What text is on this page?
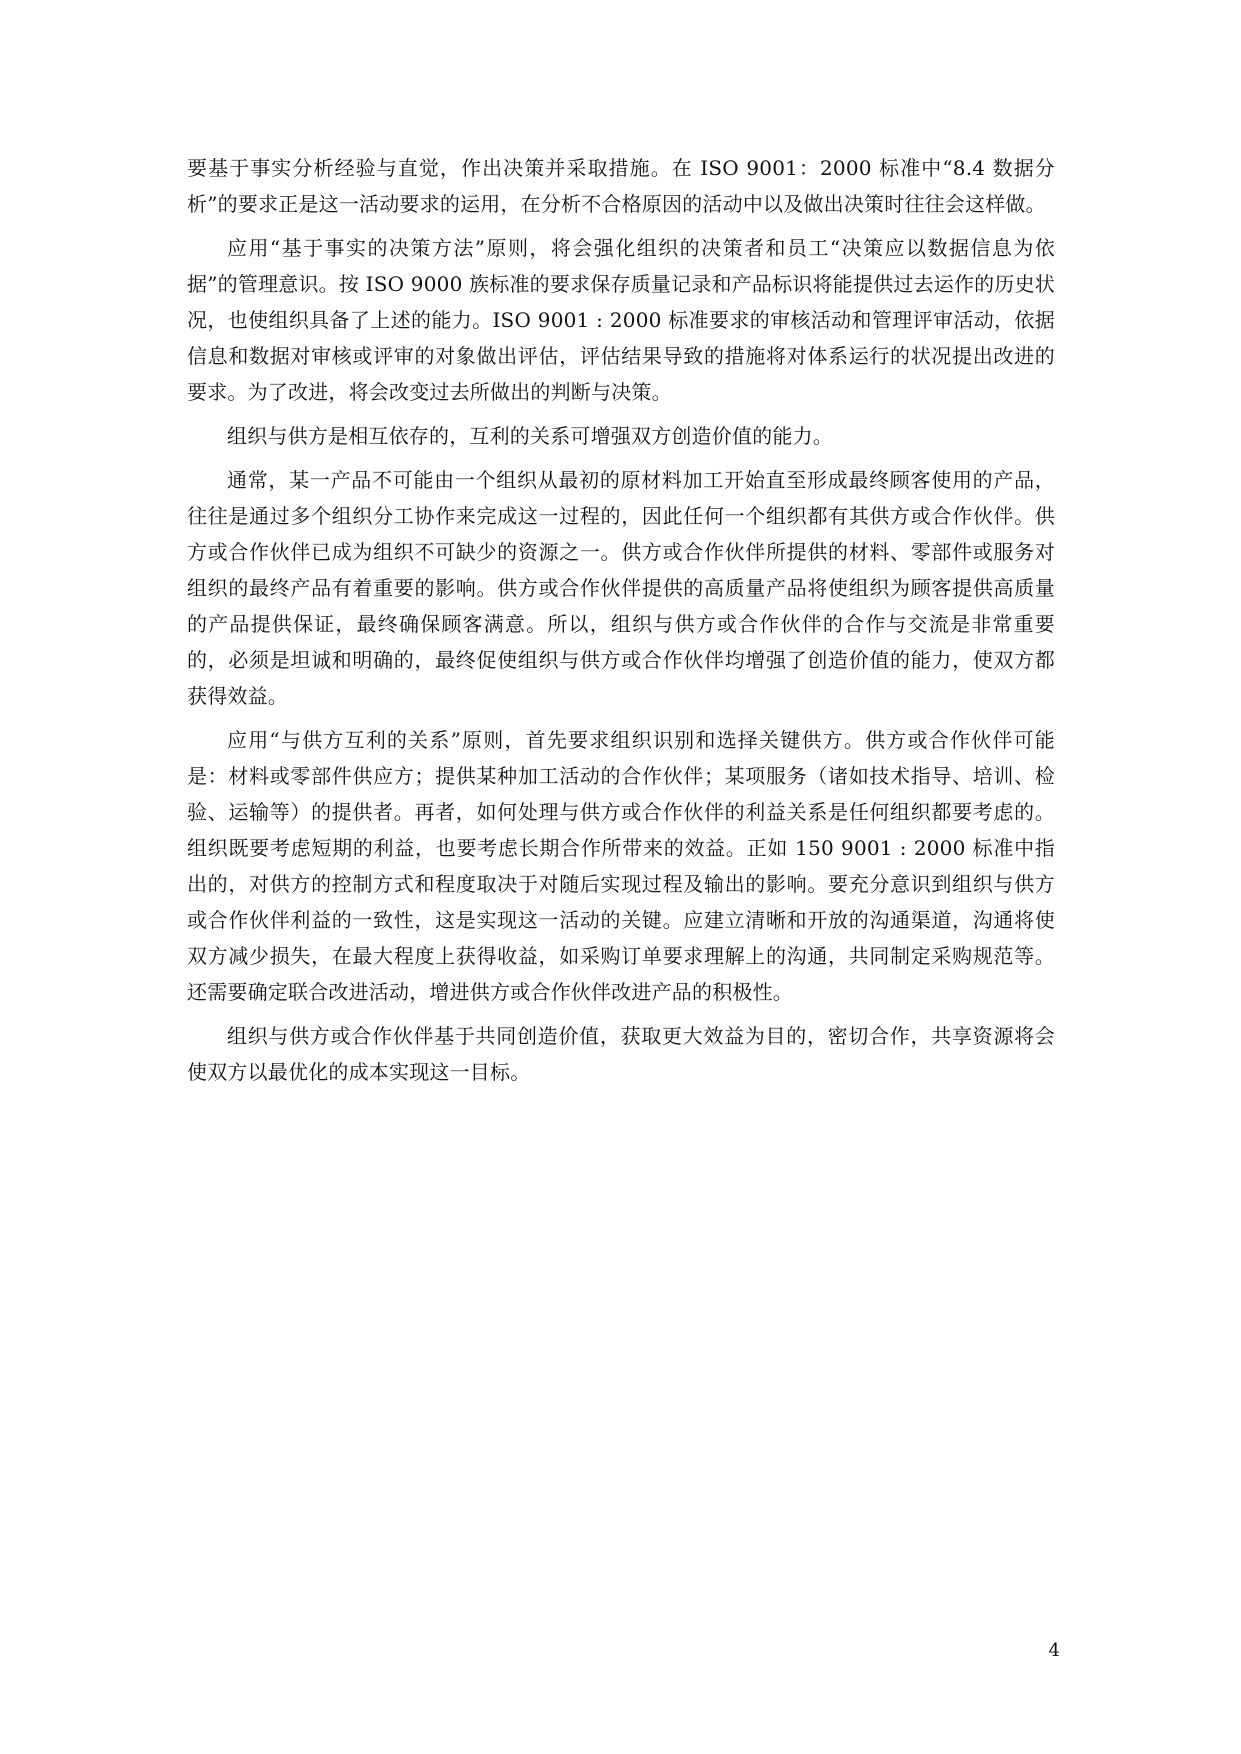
要基于事实分析经验与直觉，作出决策并采取措施。在 ISO 9001：2000 标准中“8.4 数据分析”的要求正是这一活动要求的运用，在分析不合格原因的活动中以及做出决策时往往会这样做。

应用“基于事实的决策方法”原则，将会强化组织的决策者和员工“决策应以数据信息为依据”的管理意识。按 ISO 9000 族标准的要求保存质量记录和产品标识将能提供过去运作的历史状况，也使组织具备了上述的能力。ISO 9001 : 2000 标准要求的审核活动和管理评审活动，依据信息和数据对审核或评审的对象做出评估，评估结果导致的措施将对体系运行的状况提出改进的要求。为了改进，将会改变过去所做出的判断与决策。

组织与供方是相互依存的，互利的关系可增强双方创造价值的能力。

通常，某一产品不可能由一个组织从最初的原材料加工开始直至形成最终顾客使用的产品，往往是通过多个组织分工协作来完成这一过程的，因此任何一个组织都有其供方或合作伙伴。供方或合作伙伴已成为组织不可缺少的资源之一。供方或合作伙伴所提供的材料、零部件或服务对组织的最终产品有着重要的影响。供方或合作伙伴提供的高质量产品将使组织为顾客提供高质量的产品提供保证，最终确保顾客满意。所以，组织与供方或合作伙伴的合作与交流是非常重要的，必须是坦诚和明确的，最终促使组织与供方或合作伙伴均增强了创造价值的能力，使双方都获得效益。

应用“与供方互利的关系”原则，首先要求组织识别和选择关键供方。供方或合作伙伴可能是：材料或零部件供应方；提供某种加工活动的合作伙伴；某项服务（诸如技术指导、培训、检验、运输等）的提供者。再者，如何处理与供方或合作伙伴的利益关系是任何组织都要考虑的。组织既要考虑短期的利益，也要考虑长期合作所带来的效益。正如 150 9001 : 2000 标准中指出的，对供方的控制方式和程度取决于对随后实现过程及输出的影响。要充分意识到组织与供方或合作伙伴利益的一致性，这是实现这一活动的关键。应建立清晰和开放的沟通渠道，沟通将使双方减少损失，在最大程度上获得收益，如采购订单要求理解上的沟通，共同制定采购规范等。还需要确定联合改进活动，增进供方或合作伙伴改进产品的积极性。

组织与供方或合作伙伴基于共同创造价值，获取更大效益为目的，密切合作，共享资源将会使双方以最优化的成本实现这一目标。

4
